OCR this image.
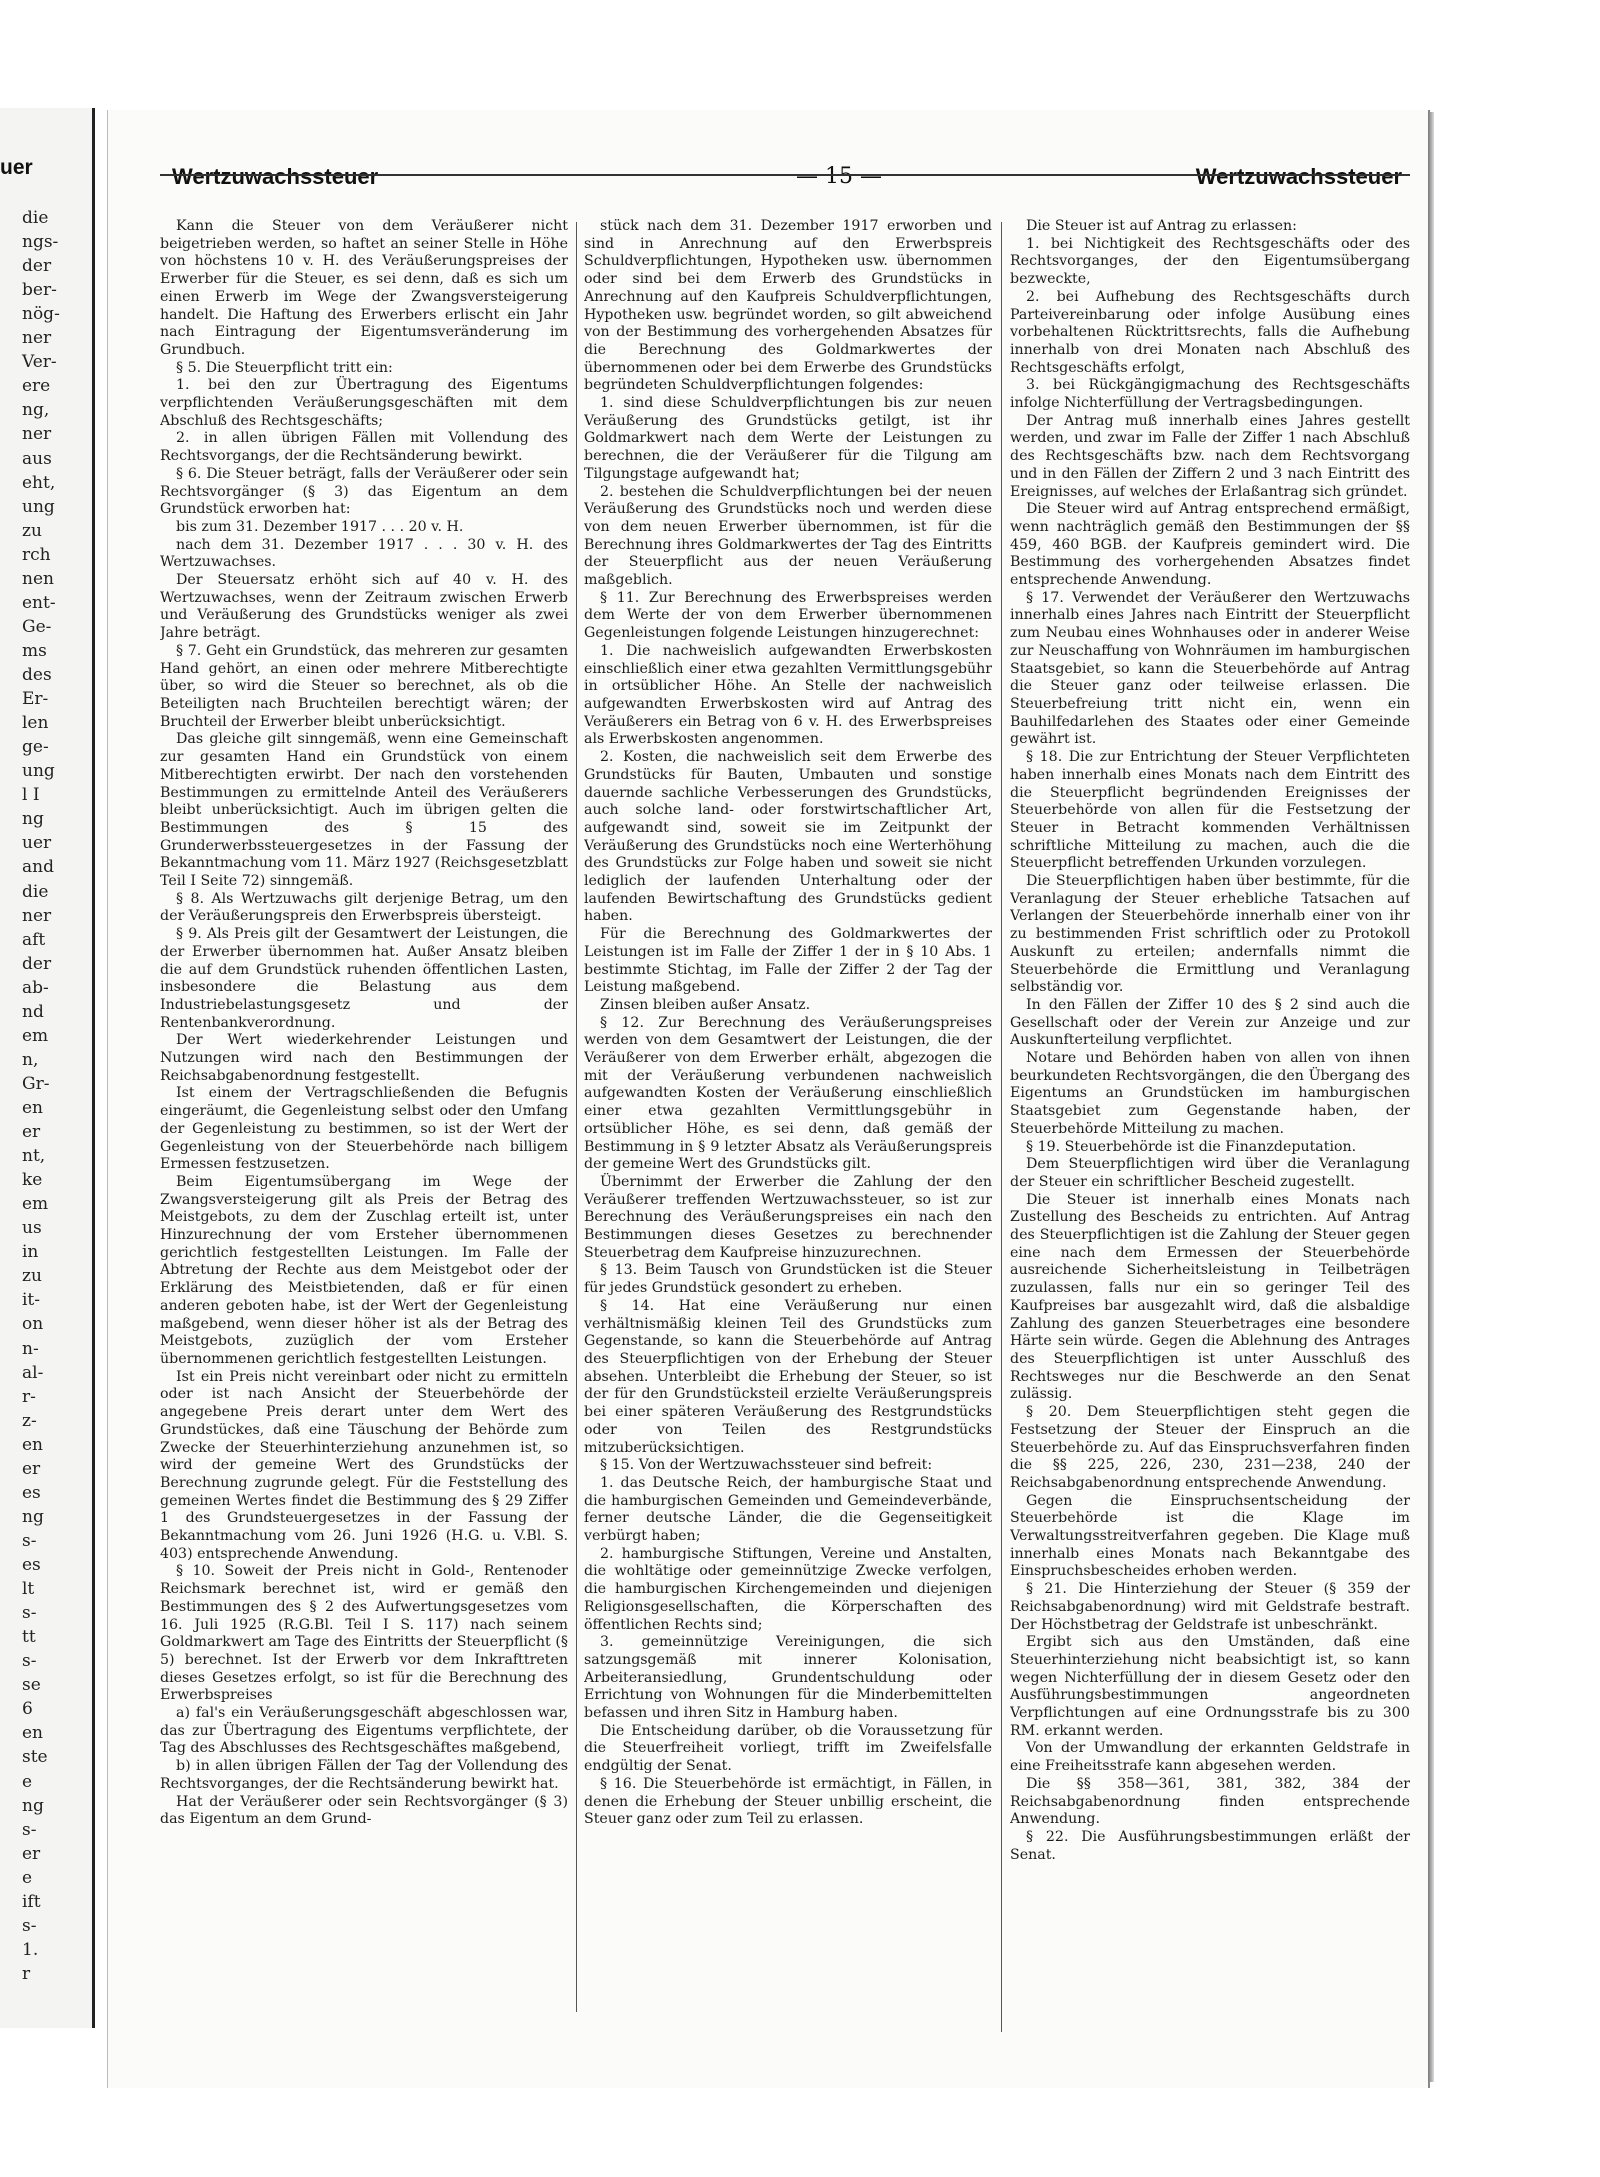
uer
die
ngs-
der
ber-
nög-
ner
Ver-
ere
ng,
ner
aus
eht,
ung
zu
rch
nen
ent-
Ge-
ms
des
Er-
len
ge-
ung
l I
ng
uer
and
die
ner
aft
der
ab-
nd
em
n,
Gr-
en
er
nt,
ke
em
us
in
zu
it-
on
n-
al-
r-
z-
en
er
es
ng
s-
es
lt
s-
tt
s-
se
6
en
ste
e
ng
s-
er
e
ift
s-
1.
r
Wertzuwachssteuer	— 15 —	Wertzuwachssteuer

Kann die Steuer von dem Veräußerer nicht beigetrieben werden, so haftet an seiner Stelle in Höhe von höchstens 10 v. H. des Veräußerungspreises der Erwerber für die Steuer, es sei denn, daß es sich um einen Erwerb im Wege der Zwangsversteigerung handelt. Die Haftung des Erwerbers erlischt ein Jahr nach Eintragung der Eigentumsveränderung im Grundbuch.

§ 5. Die Steuerpflicht tritt ein:

1. bei den zur Übertragung des Eigentums verpflichtenden Veräußerungsgeschäften mit dem Abschluß des Rechtsgeschäfts;

2. in allen übrigen Fällen mit Vollendung des Rechtsvorgangs, der die Rechtsänderung bewirkt.

§ 6. Die Steuer beträgt, falls der Veräußerer oder sein Rechtsvorgänger (§ 3) das Eigentum an dem Grundstück erworben hat:

bis zum 31. Dezember 1917 . . . 20 v. H.

nach dem 31. Dezember 1917 . . . 30 v. H. des Wertzuwachses.

Der Steuersatz erhöht sich auf 40 v. H. des Wertzuwachses, wenn der Zeitraum zwischen Erwerb und Veräußerung des Grundstücks weniger als zwei Jahre beträgt.

§ 7. Geht ein Grundstück, das mehreren zur gesamten Hand gehört, an einen oder mehrere Mitberechtigte über, so wird die Steuer so berechnet, als ob die Beteiligten nach Bruchteilen berechtigt wären; der Bruchteil der Erwerber bleibt unberücksichtigt.

Das gleiche gilt sinngemäß, wenn eine Gemeinschaft zur gesamten Hand ein Grundstück von einem Mitberechtigten erwirbt. Der nach den vorstehenden Bestimmungen zu ermittelnde Anteil des Veräußerers bleibt unberücksichtigt. Auch im übrigen gelten die Bestimmungen des § 15 des Grunderwerbssteuergesetzes in der Fassung der Bekanntmachung vom 11. März 1927 (Reichsgesetzblatt Teil I Seite 72) sinngemäß.

§ 8. Als Wertzuwachs gilt derjenige Betrag, um den der Veräußerungspreis den Erwerbspreis übersteigt.

§ 9. Als Preis gilt der Gesamtwert der Leistungen, die der Erwerber übernommen hat. Außer Ansatz bleiben die auf dem Grundstück ruhenden öffentlichen Lasten, insbesondere die Belastung aus dem Industriebelastungsgesetz und der Rentenbankverordnung.

Der Wert wiederkehrender Leistungen und Nutzungen wird nach den Bestimmungen der Reichsabgabenordnung festgestellt.

Ist einem der Vertragschließenden die Befugnis eingeräumt, die Gegenleistung selbst oder den Umfang der Gegenleistung zu bestimmen, so ist der Wert der Gegenleistung von der Steuerbehörde nach billigem Ermessen festzusetzen.

Beim Eigentumsübergang im Wege der Zwangsversteigerung gilt als Preis der Betrag des Meistgebots, zu dem der Zuschlag erteilt ist, unter Hinzurechnung der vom Ersteher übernommenen gerichtlich festgestellten Leistungen. Im Falle der Abtretung der Rechte aus dem Meistgebot oder der Erklärung des Meistbietenden, daß er für einen anderen geboten habe, ist der Wert der Gegenleistung maßgebend, wenn dieser höher ist als der Betrag des Meistgebots, zuzüglich der vom Ersteher übernommenen gerichtlich festgestellten Leistungen.

Ist ein Preis nicht vereinbart oder nicht zu ermitteln oder ist nach Ansicht der Steuerbehörde der angegebene Preis derart unter dem Wert des Grundstückes, daß eine Täuschung der Behörde zum Zwecke der Steuerhinterziehung anzunehmen ist, so wird der gemeine Wert des Grundstücks der Berechnung zugrunde gelegt. Für die Feststellung des gemeinen Wertes findet die Bestimmung des § 29 Ziffer 1 des Grundsteuergesetzes in der Fassung der Bekanntmachung vom 26. Juni 1926 (H.G. u. V.Bl. S. 403) entsprechende Anwendung.

§ 10. Soweit der Preis nicht in Gold-, Rentenoder Reichsmark berechnet ist, wird er gemäß den Bestimmungen des § 2 des Aufwertungsgesetzes vom 16. Juli 1925 (R.G.Bl. Teil I S. 117) nach seinem Goldmarkwert am Tage des Eintritts der Steuerpflicht (§ 5) berechnet. Ist der Erwerb vor dem Inkrafttreten dieses Gesetzes erfolgt, so ist für die Berechnung des Erwerbspreises

a) fal's ein Veräußerungsgeschäft abgeschlossen war, das zur Übertragung des Eigentums verpflichtete, der Tag des Abschlusses des Rechtsgeschäftes maßgebend,

b) in allen übrigen Fällen der Tag der Vollendung des Rechtsvorganges, der die Rechtsänderung bewirkt hat.

Hat der Veräußerer oder sein Rechtsvorgänger (§ 3) das Eigentum an dem Grund-

stück nach dem 31. Dezember 1917 erworben und sind in Anrechnung auf den Erwerbspreis Schuldverpflichtungen, Hypotheken usw. übernommen oder sind bei dem Erwerb des Grundstücks in Anrechnung auf den Kaufpreis Schuldverpflichtungen, Hypotheken usw. begründet worden, so gilt abweichend von der Bestimmung des vorhergehenden Absatzes für die Berechnung des Goldmarkwertes der übernommenen oder bei dem Erwerbe des Grundstücks begründeten Schuldverpflichtungen folgendes:

1. sind diese Schuldverpflichtungen bis zur neuen Veräußerung des Grundstücks getilgt, ist ihr Goldmarkwert nach dem Werte der Leistungen zu berechnen, die der Veräußerer für die Tilgung am Tilgungstage aufgewandt hat;

2. bestehen die Schuldverpflichtungen bei der neuen Veräußerung des Grundstücks noch und werden diese von dem neuen Erwerber übernommen, ist für die Berechnung ihres Goldmarkwertes der Tag des Eintritts der Steuerpflicht aus der neuen Veräußerung maßgeblich.

§ 11. Zur Berechnung des Erwerbspreises werden dem Werte der von dem Erwerber übernommenen Gegenleistungen folgende Leistungen hinzugerechnet:

1. Die nachweislich aufgewandten Erwerbskosten einschließlich einer etwa gezahlten Vermittlungsgebühr in ortsüblicher Höhe. An Stelle der nachweislich aufgewandten Erwerbskosten wird auf Antrag des Veräußerers ein Betrag von 6 v. H. des Erwerbspreises als Erwerbskosten angenommen.

2. Kosten, die nachweislich seit dem Erwerbe des Grundstücks für Bauten, Umbauten und sonstige dauernde sachliche Verbesserungen des Grundstücks, auch solche land- oder forstwirtschaftlicher Art, aufgewandt sind, soweit sie im Zeitpunkt der Veräußerung des Grundstücks noch eine Werterhöhung des Grundstücks zur Folge haben und soweit sie nicht lediglich der laufenden Unterhaltung oder der laufenden Bewirtschaftung des Grundstücks gedient haben.

Für die Berechnung des Goldmarkwertes der Leistungen ist im Falle der Ziffer 1 der in § 10 Abs. 1 bestimmte Stichtag, im Falle der Ziffer 2 der Tag der Leistung maßgebend.

Zinsen bleiben außer Ansatz.

§ 12. Zur Berechnung des Veräußerungspreises werden von dem Gesamtwert der Leistungen, die der Veräußerer von dem Erwerber erhält, abgezogen die mit der Veräußerung verbundenen nachweislich aufgewandten Kosten der Veräußerung einschließlich einer etwa gezahlten Vermittlungsgebühr in ortsüblicher Höhe, es sei denn, daß gemäß der Bestimmung in § 9 letzter Absatz als Veräußerungspreis der gemeine Wert des Grundstücks gilt.

Übernimmt der Erwerber die Zahlung der den Veräußerer treffenden Wertzuwachssteuer, so ist zur Berechnung des Veräußerungspreises ein nach den Bestimmungen dieses Gesetzes zu berechnender Steuerbetrag dem Kaufpreise hinzuzurechnen.

§ 13. Beim Tausch von Grundstücken ist die Steuer für jedes Grundstück gesondert zu erheben.

§ 14. Hat eine Veräußerung nur einen verhältnismäßig kleinen Teil des Grundstücks zum Gegenstande, so kann die Steuerbehörde auf Antrag des Steuerpflichtigen von der Erhebung der Steuer absehen. Unterbleibt die Erhebung der Steuer, so ist der für den Grundstücksteil erzielte Veräußerungspreis bei einer späteren Veräußerung des Restgrundstücks oder von Teilen des Restgrundstücks mitzuberücksichtigen.

§ 15. Von der Wertzuwachssteuer sind befreit:

1. das Deutsche Reich, der hamburgische Staat und die hamburgischen Gemeinden und Gemeindeverbände, ferner deutsche Länder, die die Gegenseitigkeit verbürgt haben;

2. hamburgische Stiftungen, Vereine und Anstalten, die wohltätige oder gemeinnützige Zwecke verfolgen, die hamburgischen Kirchengemeinden und diejenigen Religionsgesellschaften, die Körperschaften des öffentlichen Rechts sind;

3. gemeinnützige Vereinigungen, die sich satzungsgemäß mit innerer Kolonisation, Arbeiteransiedlung, Grundentschuldung oder Errichtung von Wohnungen für die Minderbemittelten befassen und ihren Sitz in Hamburg haben.

Die Entscheidung darüber, ob die Voraussetzung für die Steuerfreiheit vorliegt, trifft im Zweifelsfalle endgültig der Senat.

§ 16. Die Steuerbehörde ist ermächtigt, in Fällen, in denen die Erhebung der Steuer unbillig erscheint, die Steuer ganz oder zum Teil zu erlassen.

Die Steuer ist auf Antrag zu erlassen:

1. bei Nichtigkeit des Rechtsgeschäfts oder des Rechtsvorganges, der den Eigentumsübergang bezweckte,

2. bei Aufhebung des Rechtsgeschäfts durch Parteivereinbarung oder infolge Ausübung eines vorbehaltenen Rücktrittsrechts, falls die Aufhebung innerhalb von drei Monaten nach Abschluß des Rechtsgeschäfts erfolgt,

3. bei Rückgängigmachung des Rechtsgeschäfts infolge Nichterfüllung der Vertragsbedingungen.

Der Antrag muß innerhalb eines Jahres gestellt werden, und zwar im Falle der Ziffer 1 nach Abschluß des Rechtsgeschäfts bzw. nach dem Rechtsvorgang und in den Fällen der Ziffern 2 und 3 nach Eintritt des Ereignisses, auf welches der Erlaßantrag sich gründet.

Die Steuer wird auf Antrag entsprechend ermäßigt, wenn nachträglich gemäß den Bestimmungen der §§ 459, 460 BGB. der Kaufpreis gemindert wird. Die Bestimmung des vorhergehenden Absatzes findet entsprechende Anwendung.

§ 17. Verwendet der Veräußerer den Wertzuwachs innerhalb eines Jahres nach Eintritt der Steuerpflicht zum Neubau eines Wohnhauses oder in anderer Weise zur Neuschaffung von Wohnräumen im hamburgischen Staatsgebiet, so kann die Steuerbehörde auf Antrag die Steuer ganz oder teilweise erlassen. Die Steuerbefreiung tritt nicht ein, wenn ein Bauhilfedarlehen des Staates oder einer Gemeinde gewährt ist.

§ 18. Die zur Entrichtung der Steuer Verpflichteten haben innerhalb eines Monats nach dem Eintritt des die Steuerpflicht begründenden Ereignisses der Steuerbehörde von allen für die Festsetzung der Steuer in Betracht kommenden Verhältnissen schriftliche Mitteilung zu machen, auch die die Steuerpflicht betreffenden Urkunden vorzulegen.

Die Steuerpflichtigen haben über bestimmte, für die Veranlagung der Steuer erhebliche Tatsachen auf Verlangen der Steuerbehörde innerhalb einer von ihr zu bestimmenden Frist schriftlich oder zu Protokoll Auskunft zu erteilen; andernfalls nimmt die Steuerbehörde die Ermittlung und Veranlagung selbständig vor.

In den Fällen der Ziffer 10 des § 2 sind auch die Gesellschaft oder der Verein zur Anzeige und zur Auskunfterteilung verpflichtet.

Notare und Behörden haben von allen von ihnen beurkundeten Rechtsvorgängen, die den Übergang des Eigentums an Grundstücken im hamburgischen Staatsgebiet zum Gegenstande haben, der Steuerbehörde Mitteilung zu machen.

§ 19. Steuerbehörde ist die Finanzdeputation.

Dem Steuerpflichtigen wird über die Veranlagung der Steuer ein schriftlicher Bescheid zugestellt.

Die Steuer ist innerhalb eines Monats nach Zustellung des Bescheids zu entrichten. Auf Antrag des Steuerpflichtigen ist die Zahlung der Steuer gegen eine nach dem Ermessen der Steuerbehörde ausreichende Sicherheitsleistung in Teilbeträgen zuzulassen, falls nur ein so geringer Teil des Kaufpreises bar ausgezahlt wird, daß die alsbaldige Zahlung des ganzen Steuerbetrages eine besondere Härte sein würde. Gegen die Ablehnung des Antrages des Steuerpflichtigen ist unter Ausschluß des Rechtsweges nur die Beschwerde an den Senat zulässig.

§ 20. Dem Steuerpflichtigen steht gegen die Festsetzung der Steuer der Einspruch an die Steuerbehörde zu. Auf das Einspruchsverfahren finden die §§ 225, 226, 230, 231—238, 240 der Reichsabgabenordnung entsprechende Anwendung.

Gegen die Einspruchsentscheidung der Steuerbehörde ist die Klage im Verwaltungsstreitverfahren gegeben. Die Klage muß innerhalb eines Monats nach Bekanntgabe des Einspruchsbescheides erhoben werden.

§ 21. Die Hinterziehung der Steuer (§ 359 der Reichsabgabenordnung) wird mit Geldstrafe bestraft. Der Höchstbetrag der Geldstrafe ist unbeschränkt.

Ergibt sich aus den Umständen, daß eine Steuerhinterziehung nicht beabsichtigt ist, so kann wegen Nichterfüllung der in diesem Gesetz oder den Ausführungsbestimmungen angeordneten Verpflichtungen auf eine Ordnungsstrafe bis zu 300 RM. erkannt werden.

Von der Umwandlung der erkannten Geldstrafe in eine Freiheitsstrafe kann abgesehen werden.

Die §§ 358—361, 381, 382, 384 der Reichsabgabenordnung finden entsprechende Anwendung.

§ 22. Die Ausführungsbestimmungen erläßt der Senat.
